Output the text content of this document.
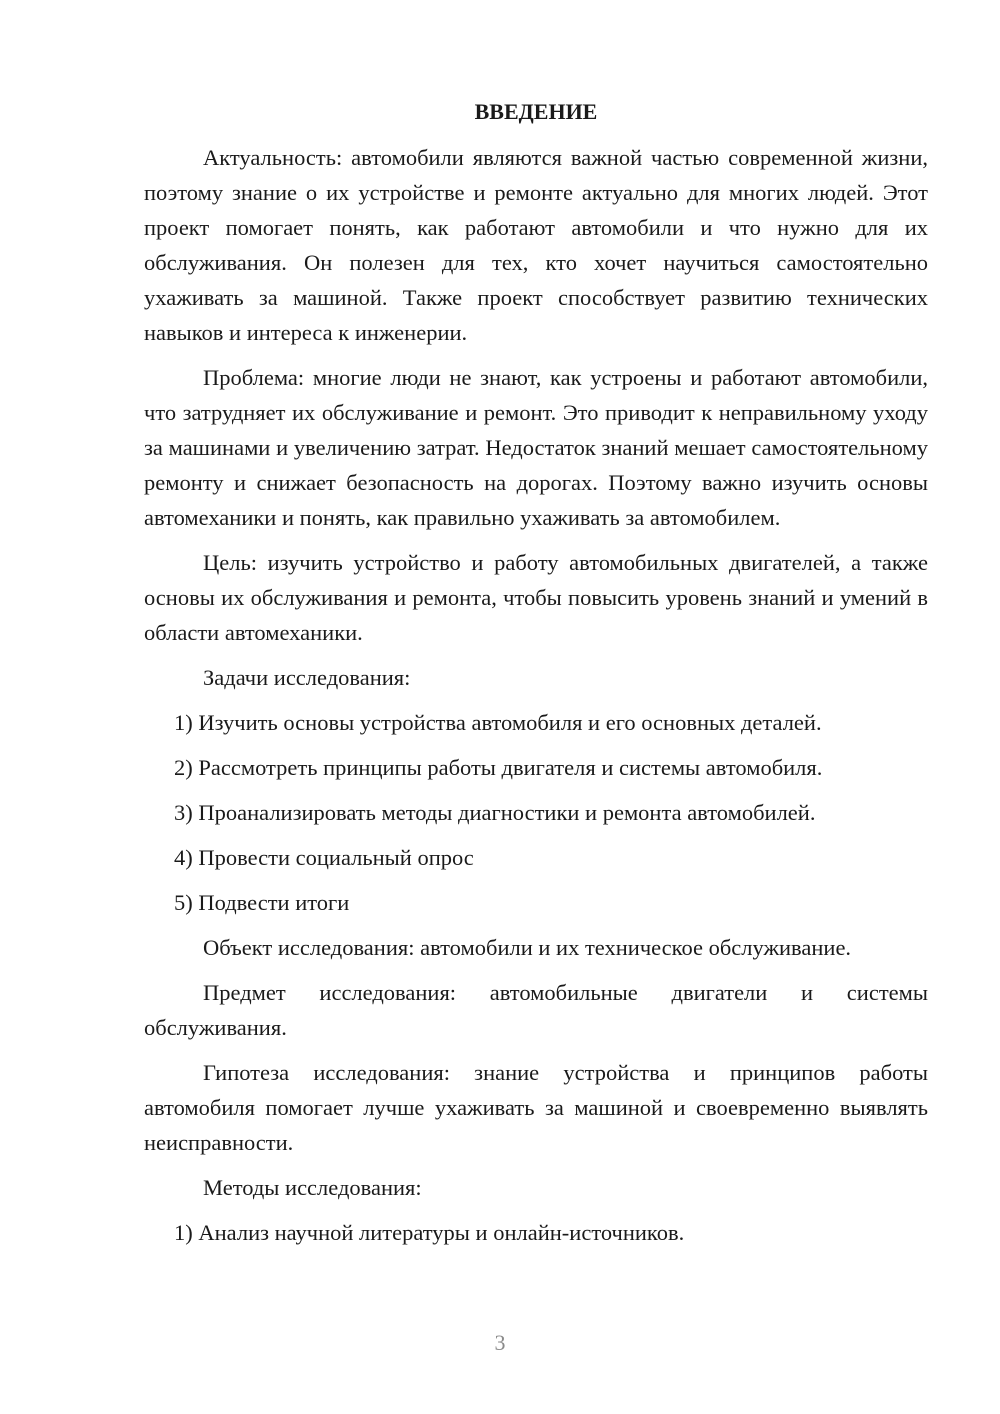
ВВЕДЕНИЕ

Актуальность: автомобили являются важной частью современной жизни, поэтому знание о их устройстве и ремонте актуально для многих людей. Этот проект помогает понять, как работают автомобили и что нужно для их обслуживания. Он полезен для тех, кто хочет научиться самостоятельно ухаживать за машиной. Также проект способствует развитию технических навыков и интереса к инженерии.

Проблема: многие люди не знают, как устроены и работают автомобили, что затрудняет их обслуживание и ремонт. Это приводит к неправильному уходу за машинами и увеличению затрат. Недостаток знаний мешает самостоятельному ремонту и снижает безопасность на дорогах. Поэтому важно изучить основы автомеханики и понять, как правильно ухаживать за автомобилем.

Цель: изучить устройство и работу автомобильных двигателей, а также основы их обслуживания и ремонта, чтобы повысить уровень знаний и умений в области автомеханики.

Задачи исследования:

1) Изучить основы устройства автомобиля и его основных деталей.

2) Рассмотреть принципы работы двигателя и системы автомобиля.

3) Проанализировать методы диагностики и ремонта автомобилей.

4) Провести социальный опрос

5) Подвести итоги

Объект исследования: автомобили и их техническое обслуживание.

Предмет исследования: автомобильные двигатели и системы обслуживания.

Гипотеза исследования: знание устройства и принципов работы автомобиля помогает лучше ухаживать за машиной и своевременно выявлять неисправности.

Методы исследования:

1) Анализ научной литературы и онлайн-источников.

3
